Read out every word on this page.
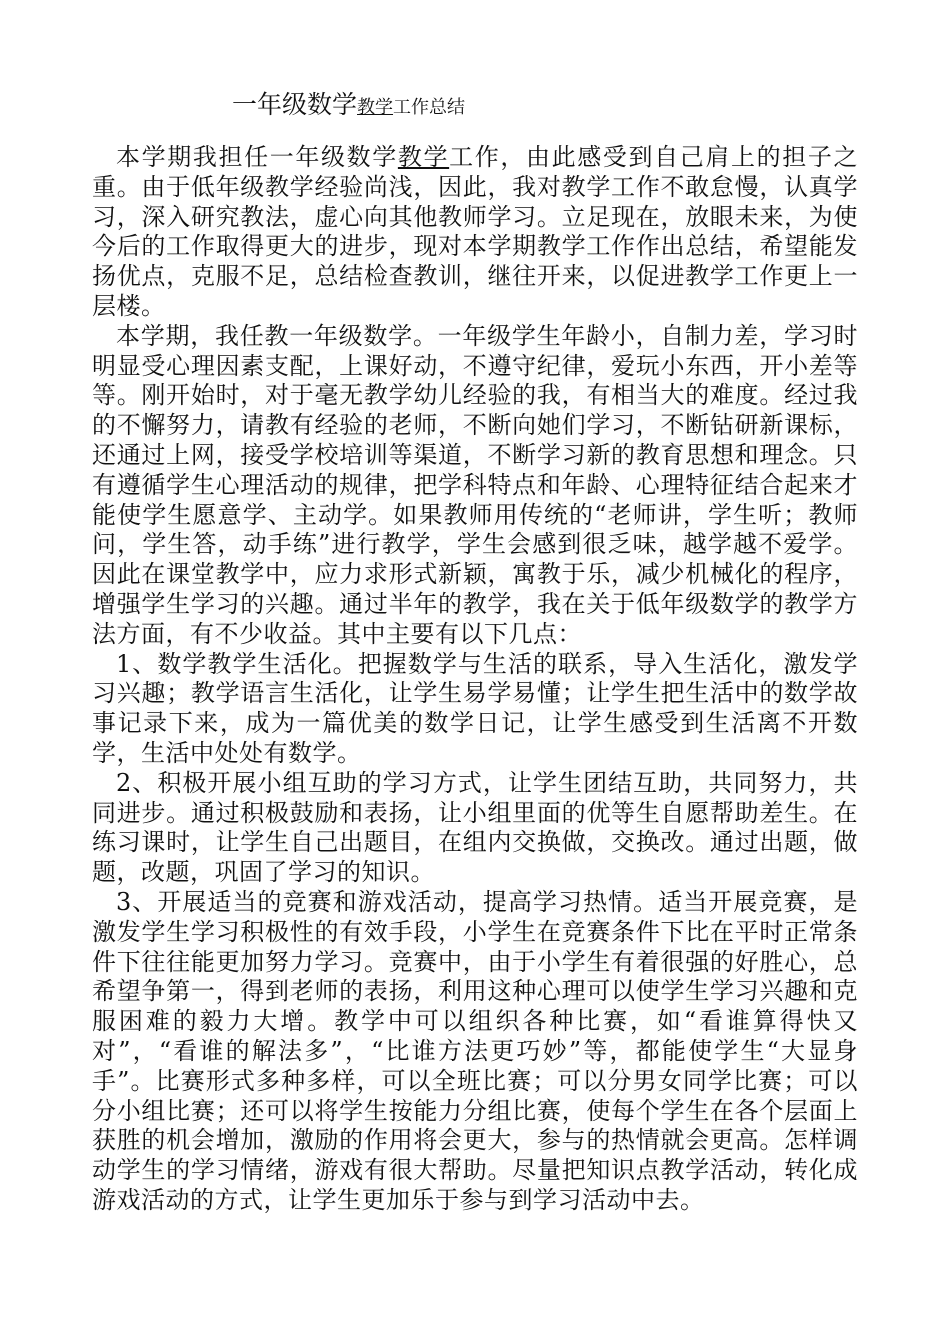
一年级数学教学工作总结

本学期我担任一年级数学教学工作，由此感受到自己肩上的担子之重。由于低年级教学经验尚浅，因此，我对教学工作不敢怠慢，认真学习，深入研究教法，虚心向其他教师学习。立足现在，放眼未来，为使今后的工作取得更大的进步，现对本学期教学工作作出总结，希望能发扬优点，克服不足，总结检查教训，继往开来，以促进教学工作更上一层楼。

本学期，我任教一年级数学。一年级学生年龄小，自制力差，学习时明显受心理因素支配，上课好动，不遵守纪律，爱玩小东西，开小差等等。刚开始时，对于毫无教学幼儿经验的我，有相当大的难度。经过我的不懈努力，请教有经验的老师，不断向她们学习，不断钻研新课标，还通过上网，接受学校培训等渠道，不断学习新的教育思想和理念。只有遵循学生心理活动的规律，把学科特点和年龄、心理特征结合起来才能使学生愿意学、主动学。如果教师用传统的“老师讲，学生听；教师问，学生答，动手练”进行教学，学生会感到很乏味，越学越不爱学。因此在课堂教学中，应力求形式新颖，寓教于乐，减少机械化的程序，增强学生学习的兴趣。通过半年的教学，我在关于低年级数学的教学方法方面，有不少收益。其中主要有以下几点：

1、数学教学生活化。把握数学与生活的联系，导入生活化，激发学习兴趣；教学语言生活化，让学生易学易懂；让学生把生活中的数学故事记录下来，成为一篇优美的数学日记，让学生感受到生活离不开数学，生活中处处有数学。

2、积极开展小组互助的学习方式，让学生团结互助，共同努力，共同进步。通过积极鼓励和表扬，让小组里面的优等生自愿帮助差生。在练习课时，让学生自己出题目，在组内交换做，交换改。通过出题，做题，改题，巩固了学习的知识。

3、开展适当的竞赛和游戏活动，提高学习热情。适当开展竞赛，是激发学生学习积极性的有效手段，小学生在竞赛条件下比在平时正常条件下往往能更加努力学习。竞赛中，由于小学生有着很强的好胜心，总希望争第一，得到老师的表扬，利用这种心理可以使学生学习兴趣和克服困难的毅力大增。教学中可以组织各种比赛，如“看谁算得快又对”，“看谁的解法多”，“比谁方法更巧妙”等，都能使学生“大显身手”。比赛形式多种多样，可以全班比赛；可以分男女同学比赛；可以分小组比赛；还可以将学生按能力分组比赛，使每个学生在各个层面上获胜的机会增加，激励的作用将会更大，参与的热情就会更高。怎样调动学生的学习情绪，游戏有很大帮助。尽量把知识点教学活动，转化成游戏活动的方式，让学生更加乐于参与到学习活动中去。
